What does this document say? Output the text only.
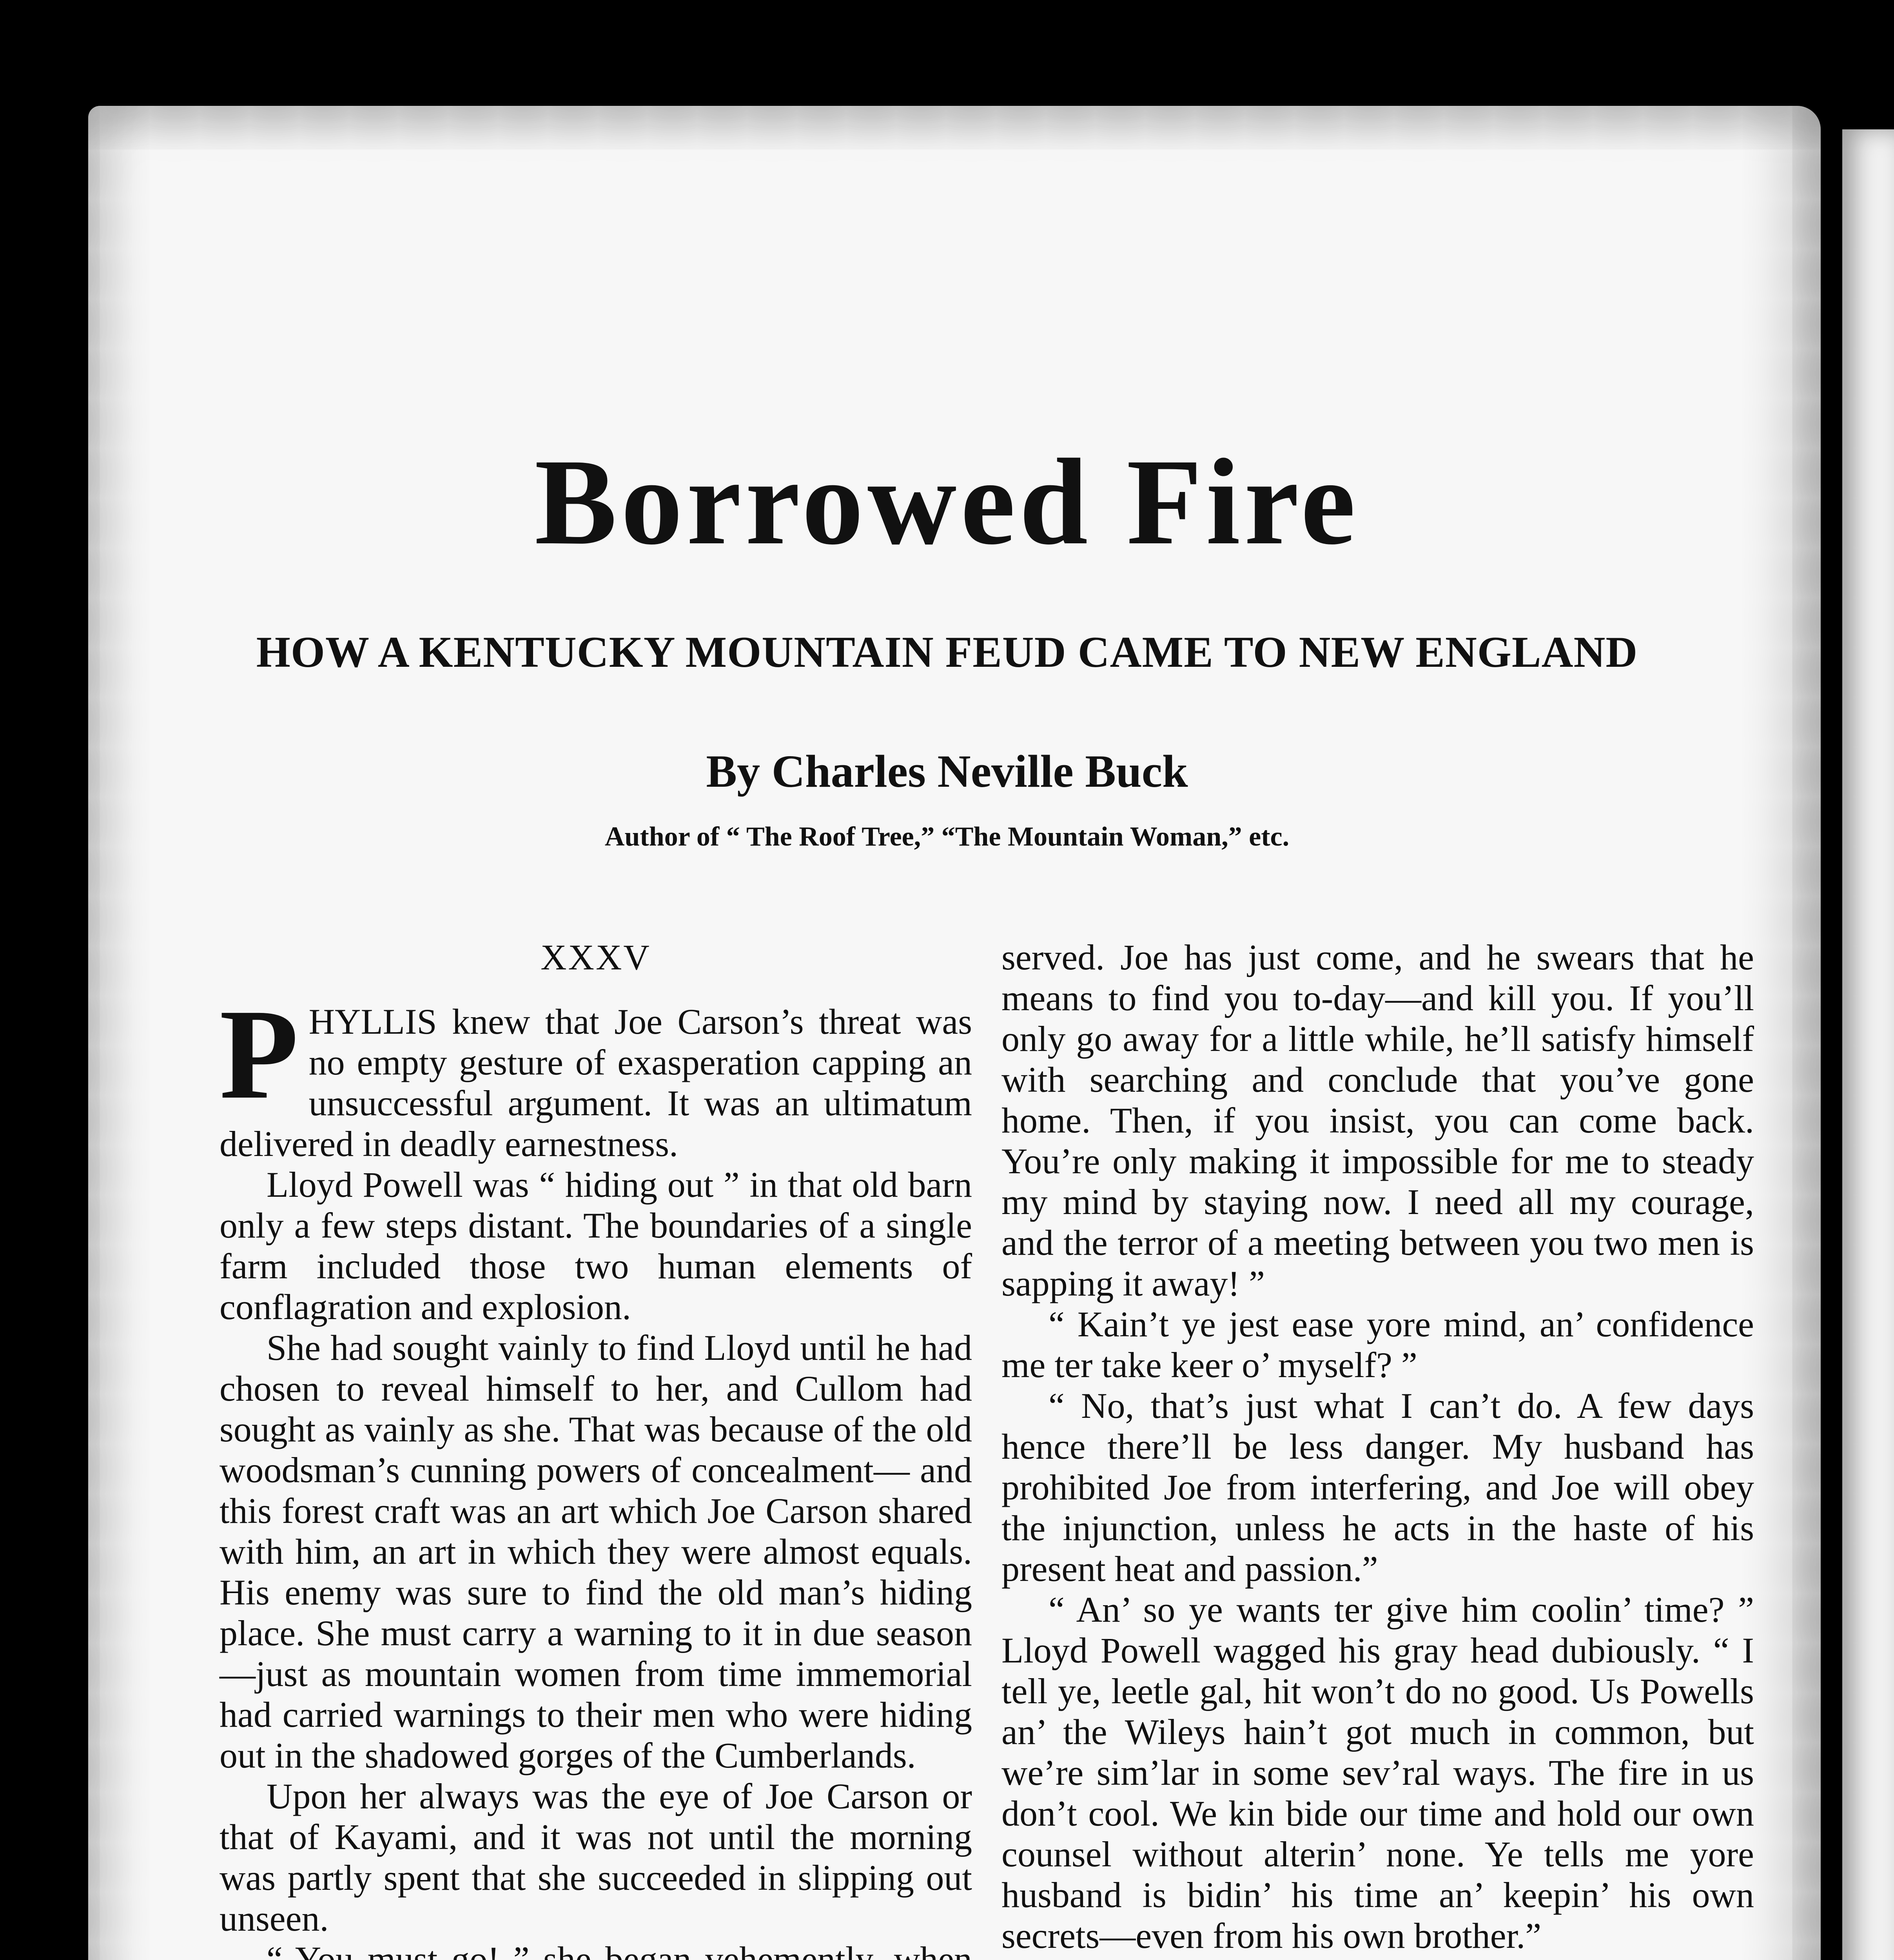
Borrowed Fire
HOW A KENTUCKY MOUNTAIN FEUD CAME TO NEW ENGLAND
By Charles Neville Buck
Author of “ The Roof Tree,” “The Mountain Woman,” etc.
XXXV

PHYLLIS knew that Joe Carson’s threat was no empty gesture of exasperation capping an unsuccessful argument. It was an ultimatum delivered in deadly earnestness.

Lloyd Powell was “ hiding out ” in that old barn only a few steps distant. The boundaries of a single farm included those two human elements of conflagration and explosion.

She had sought vainly to find Lloyd until he had chosen to reveal himself to her, and Cullom had sought as vainly as she. That was because of the old woodsman’s cunning powers of concealment— and this forest craft was an art which Joe Carson shared with him, an art in which they were almost equals. His enemy was sure to find the old man’s hiding place. She must carry a warning to it in due season—just as mountain women from time immemorial had carried warnings to their men who were hiding out in the shadowed gorges of the Cumberlands.

Upon her always was the eye of Joe Carson or that of Kayami, and it was not until the morning was partly spent that she succeeded in slipping out unseen.

“ You must go! ” she began vehemently, when

served. Joe has just come, and he swears that he means to find you to-day—and kill you. If you’ll only go away for a little while, he’ll satisfy himself with searching and conclude that you’ve gone home. Then, if you insist, you can come back. You’re only making it impossible for me to steady my mind by staying now. I need all my courage, and the terror of a meeting between you two men is sapping it away! ”

“ Kain’t ye jest ease yore mind, an’ confidence me ter take keer o’ myself? ”

“ No, that’s just what I can’t do. A few days hence there’ll be less danger. My husband has prohibited Joe from interfering, and Joe will obey the injunction, unless he acts in the haste of his present heat and passion.”

“ An’ so ye wants ter give him coolin’ time? ” Lloyd Powell wagged his gray head dubiously. “ I tell ye, leetle gal, hit won’t do no good. Us Powells an’ the Wileys hain’t got much in common, but we’re sim’lar in some sev’ral ways. The fire in us don’t cool. We kin bide our time and hold our own counsel without alterin’ none. Ye tells me yore husband is bidin’ his time an’ keepin’ his own secrets—even from his own brother.”
